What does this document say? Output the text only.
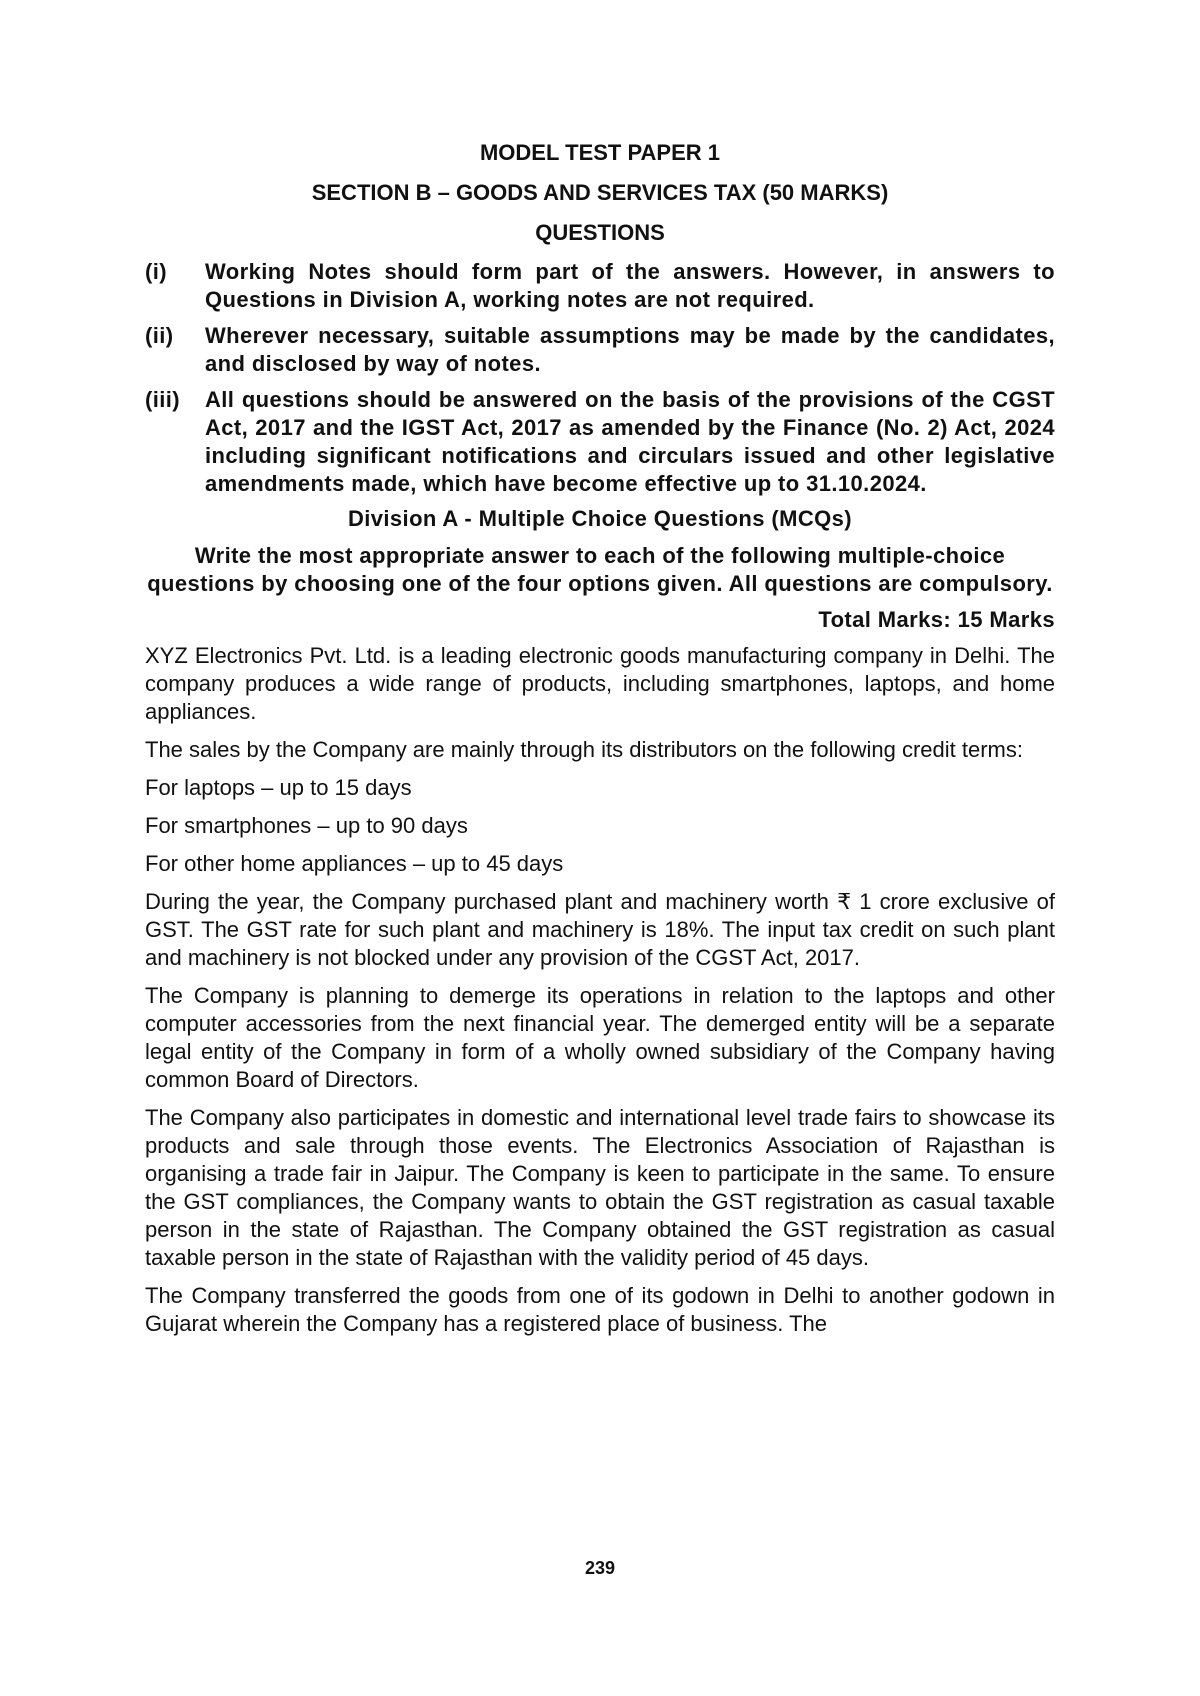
MODEL TEST PAPER 1
SECTION B – GOODS AND SERVICES TAX (50 MARKS)
QUESTIONS
(i)	Working Notes should form part of the answers. However, in answers to Questions in Division A, working notes are not required.
(ii)	Wherever necessary, suitable assumptions may be made by the candidates, and disclosed by way of notes.
(iii)	All questions should be answered on the basis of the provisions of the CGST Act, 2017 and the IGST Act, 2017 as amended by the Finance (No. 2) Act, 2024 including significant notifications and circulars issued and other legislative amendments made, which have become effective up to 31.10.2024.
Division A - Multiple Choice Questions (MCQs)
Write the most appropriate answer to each of the following multiple-choice questions by choosing one of the four options given. All questions are compulsory.
Total Marks: 15 Marks

XYZ Electronics Pvt. Ltd. is a leading electronic goods manufacturing company in Delhi. The company produces a wide range of products, including smartphones, laptops, and home appliances.

The sales by the Company are mainly through its distributors on the following credit terms:

For laptops – up to 15 days

For smartphones – up to 90 days

For other home appliances – up to 45 days

During the year, the Company purchased plant and machinery worth ₹ 1 crore exclusive of GST. The GST rate for such plant and machinery is 18%. The input tax credit on such plant and machinery is not blocked under any provision of the CGST Act, 2017.

The Company is planning to demerge its operations in relation to the laptops and other computer accessories from the next financial year. The demerged entity will be a separate legal entity of the Company in form of a wholly owned subsidiary of the Company having common Board of Directors.

The Company also participates in domestic and international level trade fairs to showcase its products and sale through those events. The Electronics Association of Rajasthan is organising a trade fair in Jaipur. The Company is keen to participate in the same. To ensure the GST compliances, the Company wants to obtain the GST registration as casual taxable person in the state of Rajasthan. The Company obtained the GST registration as casual taxable person in the state of Rajasthan with the validity period of 45 days.

The Company transferred the goods from one of its godown in Delhi to another godown in Gujarat wherein the Company has a registered place of business. The

239
